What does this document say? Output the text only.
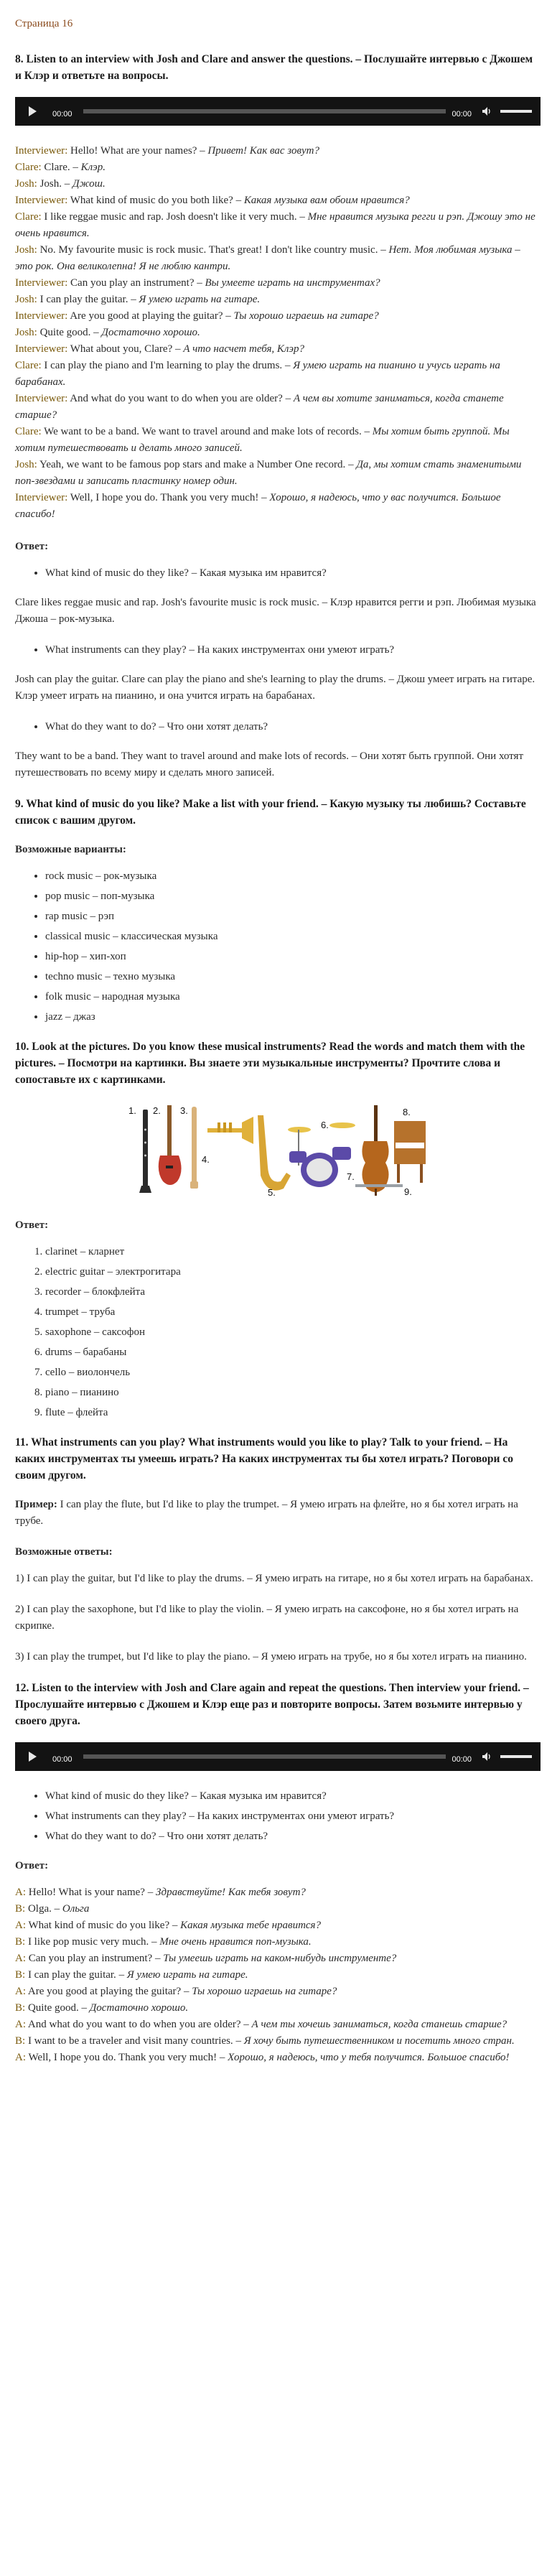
Страница 16
8. Listen to an interview with Josh and Clare and answer the questions. – Послушайте интервью с Джошем и Клэр и ответьте на вопросы.
00:00	00:00

Interviewer: Hello! What are your names? – Привет! Как вас зовут?

Clare: Clare. – Клэр.

Josh: Josh. – Джош.

Interviewer: What kind of music do you both like? – Какая музыка вам обоим нравится?

Clare: I like reggae music and rap. Josh doesn't like it very much. – Мне нравится музыка регги и рэп. Джошу это не очень нравится.

Josh: No. My favourite music is rock music. That's great! I don't like country music. – Нет. Моя любимая музыка – это рок. Она великолепна! Я не люблю кантри.

Interviewer: Can you play an instrument? – Вы умеете играть на инструментах?

Josh: I can play the guitar. – Я умею играть на гитаре.

Interviewer: Are you good at playing the guitar? – Ты хорошо играешь на гитаре?

Josh: Quite good. – Достаточно хорошо.

Interviewer: What about you, Clare? – А что насчет тебя, Клэр?

Clare: I can play the piano and I'm learning to play the drums. – Я умею играть на пианино и учусь играть на барабанах.

Interviewer: And what do you want to do when you are older? – А чем вы хотите заниматься, когда станете старше?

Clare: We want to be a band. We want to travel around and make lots of records. – Мы хотим быть группой. Мы хотим путешествовать и делать много записей.

Josh: Yeah, we want to be famous pop stars and make a Number One record. – Да, мы хотим стать знаменитыми поп-звездами и записать пластинку номер один.

Interviewer: Well, I hope you do. Thank you very much! – Хорошо, я надеюсь, что у вас получится. Большое спасибо!

Ответ:
• What kind of music do they like? – Какая музыка им нравится?

Clare likes reggae music and rap. Josh's favourite music is rock music. – Клэр нравится регги и рэп. Любимая музыка Джоша – рок-музыка.

• What instruments can they play? – На каких инструментах они умеют играть?

Josh can play the guitar. Clare can play the piano and she's learning to play the drums. – Джош умеет играть на гитаре. Клэр умеет играть на пианино, и она учится играть на барабанах.

• What do they want to do? – Что они хотят делать?

They want to be a band. They want to travel around and make lots of records. – Они хотят быть группой. Они хотят путешествовать по всему миру и сделать много записей.

9. What kind of music do you like? Make a list with your friend. – Какую музыку ты любишь? Составьте список с вашим другом.
Возможные варианты:
• rock music – рок-музыка
• pop music – поп-музыка
• rap music – рэп
• classical music – классическая музыка
• hip-hop – хип-хоп
• techno music – техно музыка
• folk music – народная музыка
• jazz – джаз
10. Look at the pictures. Do you know these musical instruments? Read the words and match them with the pictures. – Посмотри на картинки. Вы знаете эти музыкальные инструменты? Прочтите слова и сопоставьте их с картинками.
1. 2. 3.
4.
5.
6.
7.
8.
9.
Ответ:
1. clarinet – кларнет
2. electric guitar – электрогитара
3. recorder – блокфлейта
4. trumpet – труба
5. saxophone – саксофон
6. drums – барабаны
7. cello – виолончель
8. piano – пианино
9. flute – флейта
11. What instruments can you play? What instruments would you like to play? Talk to your friend. – На каких инструментах ты умеешь играть? На каких инструментах ты бы хотел играть? Поговори со своим другом.

Пример: I can play the flute, but I'd like to play the trumpet. – Я умею играть на флейте, но я бы хотел играть на трубе.

Возможные ответы:

1) I can play the guitar, but I'd like to play the drums. – Я умею играть на гитаре, но я бы хотел играть на барабанах.

2) I can play the saxophone, but I'd like to play the violin. – Я умею играть на саксофоне, но я бы хотел играть на скрипке.

3) I can play the trumpet, but I'd like to play the piano. – Я умею играть на трубе, но я бы хотел играть на пианино.

12. Listen to the interview with Josh and Clare again and repeat the questions. Then interview your friend. – Прослушайте интервью с Джошем и Клэр еще раз и повторите вопросы. Затем возьмите интервью у своего друга.
00:00	00:00
• What kind of music do they like? – Какая музыка им нравится?
• What instruments can they play? – На каких инструментах они умеют играть?
• What do they want to do? – Что они хотят делать?
Ответ:

A: Hello! What is your name? – Здравствуйте! Как тебя зовут?

B: Olga. – Ольга

A: What kind of music do you like? – Какая музыка тебе нравится?

B: I like pop music very much. – Мне очень нравится поп-музыка.

A: Can you play an instrument? – Ты умеешь играть на каком-нибудь инструменте?

B: I can play the guitar. – Я умею играть на гитаре.

A: Are you good at playing the guitar? – Ты хорошо играешь на гитаре?

B: Quite good. – Достаточно хорошо.

A: And what do you want to do when you are older? – А чем ты хочешь заниматься, когда станешь старше?

B: I want to be a traveler and visit many countries. – Я хочу быть путешественником и посетить много стран.

A: Well, I hope you do. Thank you very much! – Хорошо, я надеюсь, что у тебя получится. Большое спасибо!
